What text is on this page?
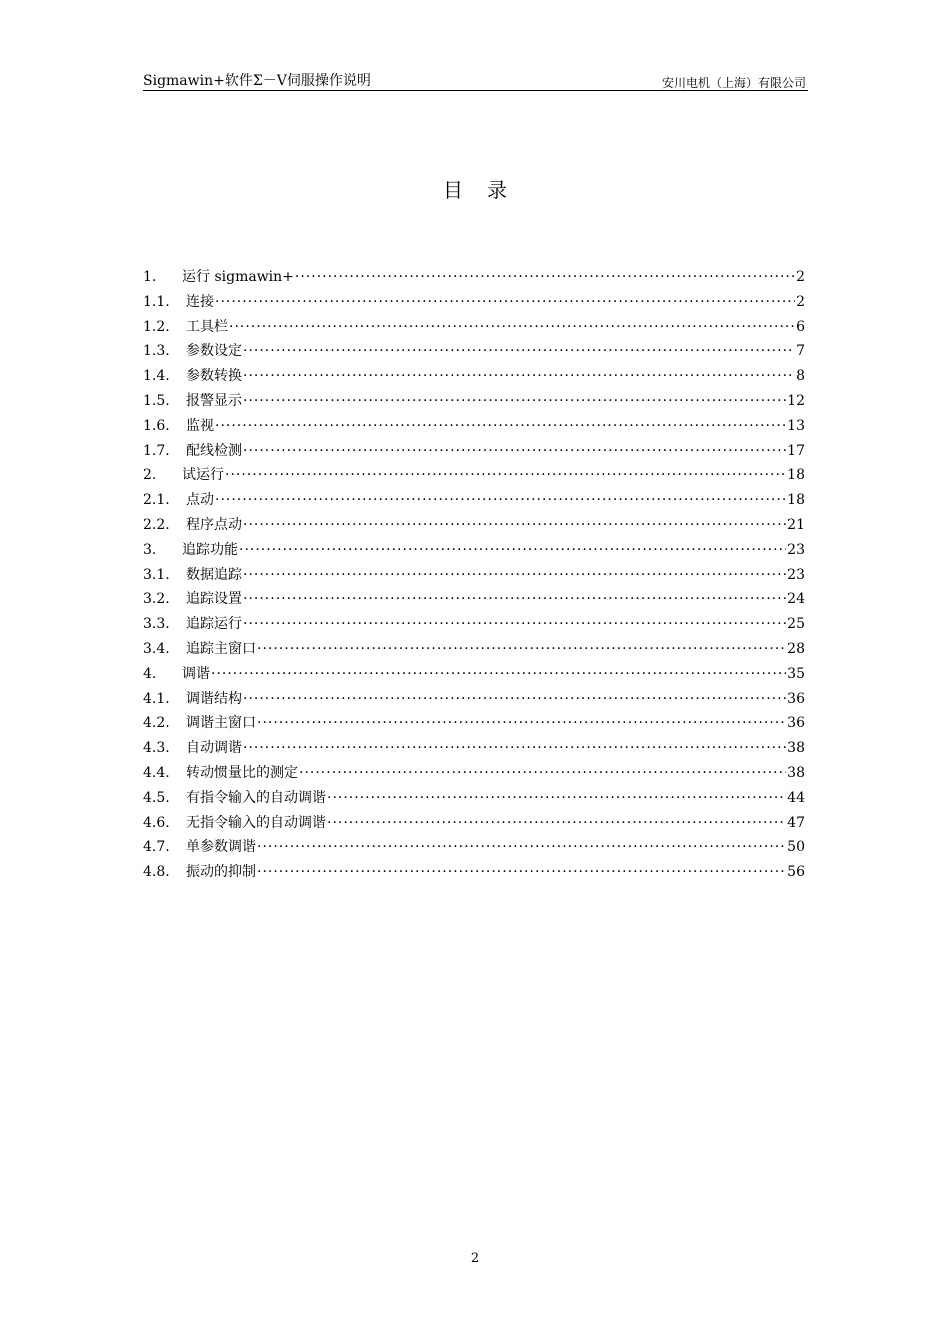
Sigmawin+软件Σ－Ⅴ伺服操作说明	安川电机（上海）有限公司
目录
1.	运行 sigmawin+ ·····	2
1.1.	连接 ·····	2
1.2.	工具栏 ·····	6
1.3.	参数设定 ·····	7
1.4.	参数转换 ·····	8
1.5.	报警显示 ·····	12
1.6.	监视 ·····	13
1.7.	配线检测 ·····	17
2.	试运行 ·····	18
2.1.	点动 ·····	18
2.2.	程序点动 ·····	21
3.	追踪功能 ·····	23
3.1.	数据追踪 ·····	23
3.2.	追踪设置 ·····	24
3.3.	追踪运行 ·····	25
3.4.	追踪主窗口 ·····	28
4.	调谐 ·····	35
4.1.	调谐结构 ·····	36
4.2.	调谐主窗口 ·····	36
4.3.	自动调谐 ·····	38
4.4.	转动惯量比的测定 ·····	38
4.5.	有指令输入的自动调谐 ·····	44
4.6.	无指令输入的自动调谐 ·····	47
4.7.	单参数调谐 ·····	50
4.8.	振动的抑制 ·····	56
2
